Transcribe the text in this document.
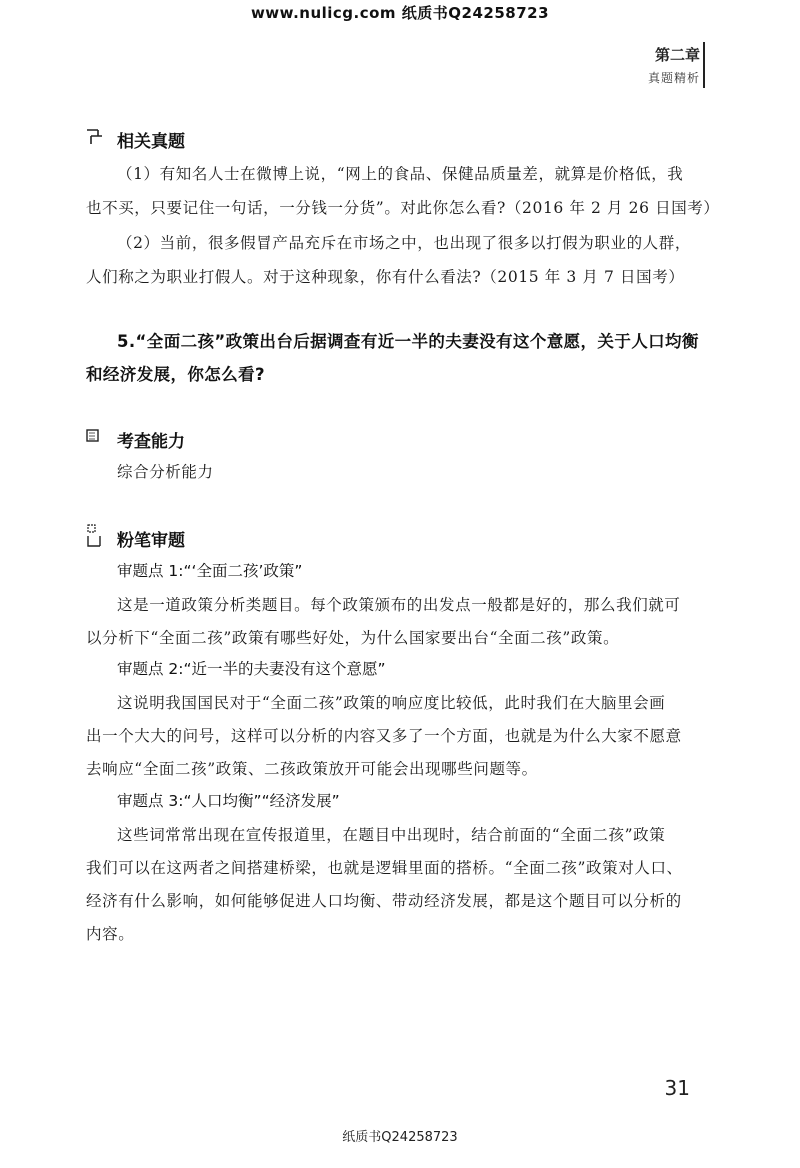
www.nulicg.com 纸质书Q24258723
第二章
真题精析
相关真题
（1）有知名人士在微博上说，“网上的食品、保健品质量差，就算是价格低，我
也不买，只要记住一句话，一分钱一分货”。对此你怎么看?（2016 年 2 月 26 日国考）
（2）当前，很多假冒产品充斥在市场之中，也出现了很多以打假为职业的人群，
人们称之为职业打假人。对于这种现象，你有什么看法?（2015 年 3 月 7 日国考）
5.“全面二孩”政策出台后据调查有近一半的夫妻没有这个意愿，关于人口均衡
和经济发展，你怎么看?
考查能力
综合分析能力
粉笔审题
审题点 1:“‘全面二孩’政策”
这是一道政策分析类题目。每个政策颁布的出发点一般都是好的，那么我们就可
以分析下“全面二孩”政策有哪些好处，为什么国家要出台“全面二孩”政策。
审题点 2:“近一半的夫妻没有这个意愿”
这说明我国国民对于“全面二孩”政策的响应度比较低，此时我们在大脑里会画
出一个大大的问号，这样可以分析的内容又多了一个方面，也就是为什么大家不愿意
去响应“全面二孩”政策、二孩政策放开可能会出现哪些问题等。
审题点 3:“人口均衡”“经济发展”
这些词常常出现在宣传报道里，在题目中出现时，结合前面的“全面二孩”政策
我们可以在这两者之间搭建桥梁，也就是逻辑里面的搭桥。“全面二孩”政策对人口、
经济有什么影响，如何能够促进人口均衡、带动经济发展，都是这个题目可以分析的
内容。
31
纸质书Q24258723
